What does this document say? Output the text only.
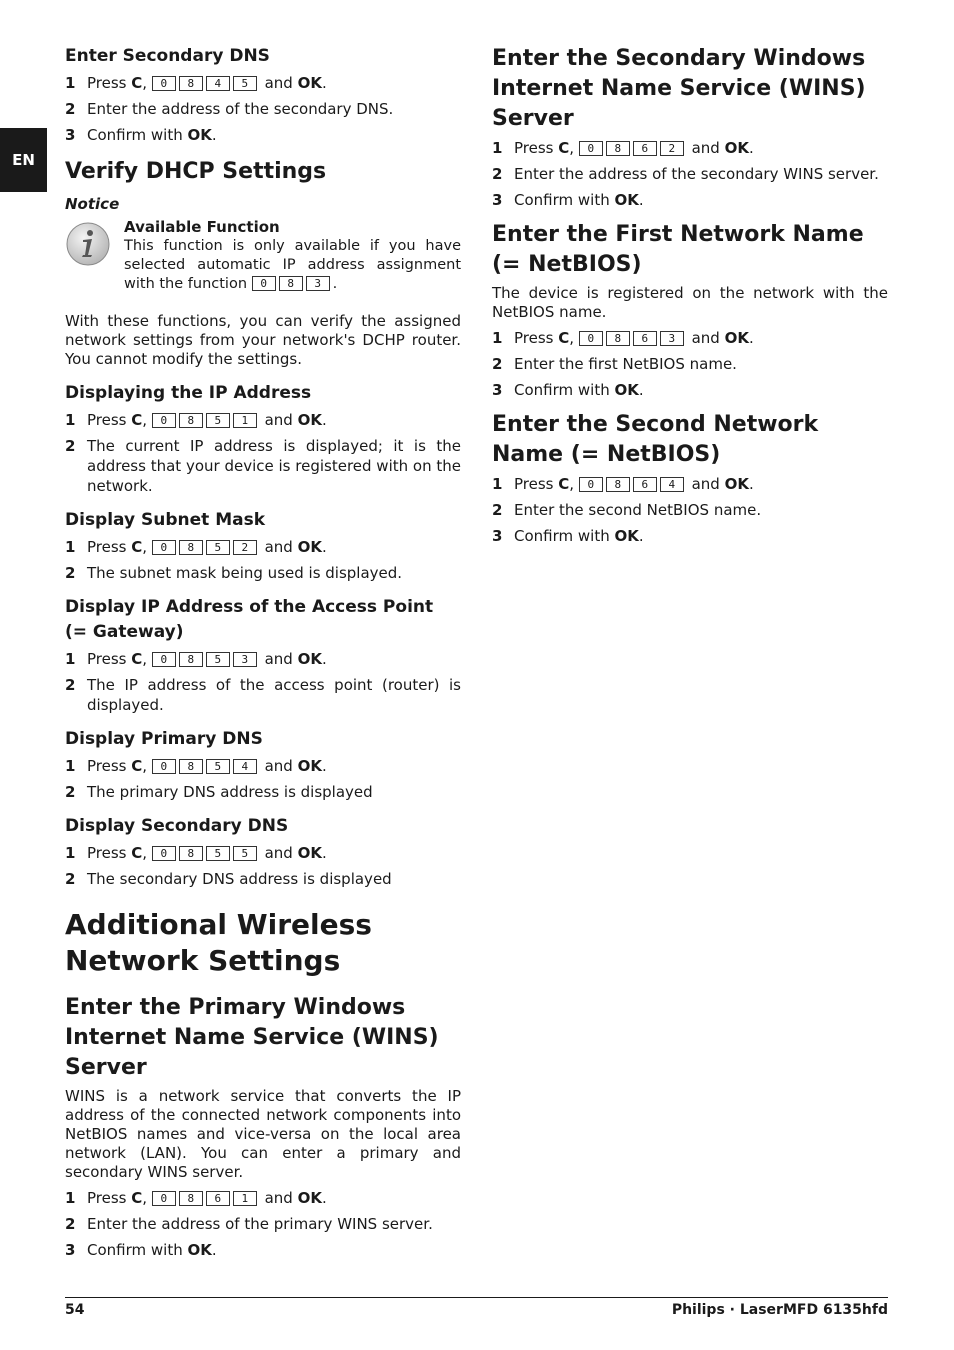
EN
Enter Secondary DNS
1 Press C, 0 8 4 5 and OK.
2 Enter the address of the secondary DNS.
3 Confirm with OK.
Verify DHCP Settings
Notice
Available Function
This function is only available if you have selected automatic IP address assignment with the function 0 8 3 .

With these functions, you can verify the assigned network settings from your network's DCHP router. You cannot modify the settings.

Displaying the IP Address
1 Press C, 0 8 5 1 and OK.
2 The current IP address is displayed; it is the address that your device is registered with on the network.
Display Subnet Mask
1 Press C, 0 8 5 2 and OK.
2 The subnet mask being used is displayed.
Display IP Address of the Access Point (= Gateway)
1 Press C, 0 8 5 3 and OK.
2 The IP address of the access point (router) is displayed.
Display Primary DNS
1 Press C, 0 8 5 4 and OK.
2 The primary DNS address is displayed
Display Secondary DNS
1 Press C, 0 8 5 5 and OK.
2 The secondary DNS address is displayed
Additional Wireless Network Settings
Enter the Primary Windows Internet Name Service (WINS) Server

WINS is a network service that converts the IP address of the connected network components into NetBIOS names and vice-versa on the local area network (LAN). You can enter a primary and secondary WINS server.

1 Press C, 0 8 6 1 and OK.
2 Enter the address of the primary WINS server.
3 Confirm with OK.
Enter the Secondary Windows Internet Name Service (WINS) Server
1 Press C, 0 8 6 2 and OK.
2 Enter the address of the secondary WINS server.
3 Confirm with OK.
Enter the First Network Name (= NetBIOS)

The device is registered on the network with the NetBIOS name.

1 Press C, 0 8 6 3 and OK.
2 Enter the first NetBIOS name.
3 Confirm with OK.
Enter the Second Network Name (= NetBIOS)
1 Press C, 0 8 6 4 and OK.
2 Enter the second NetBIOS name.
3 Confirm with OK.
54	Philips · LaserMFD 6135hfd
